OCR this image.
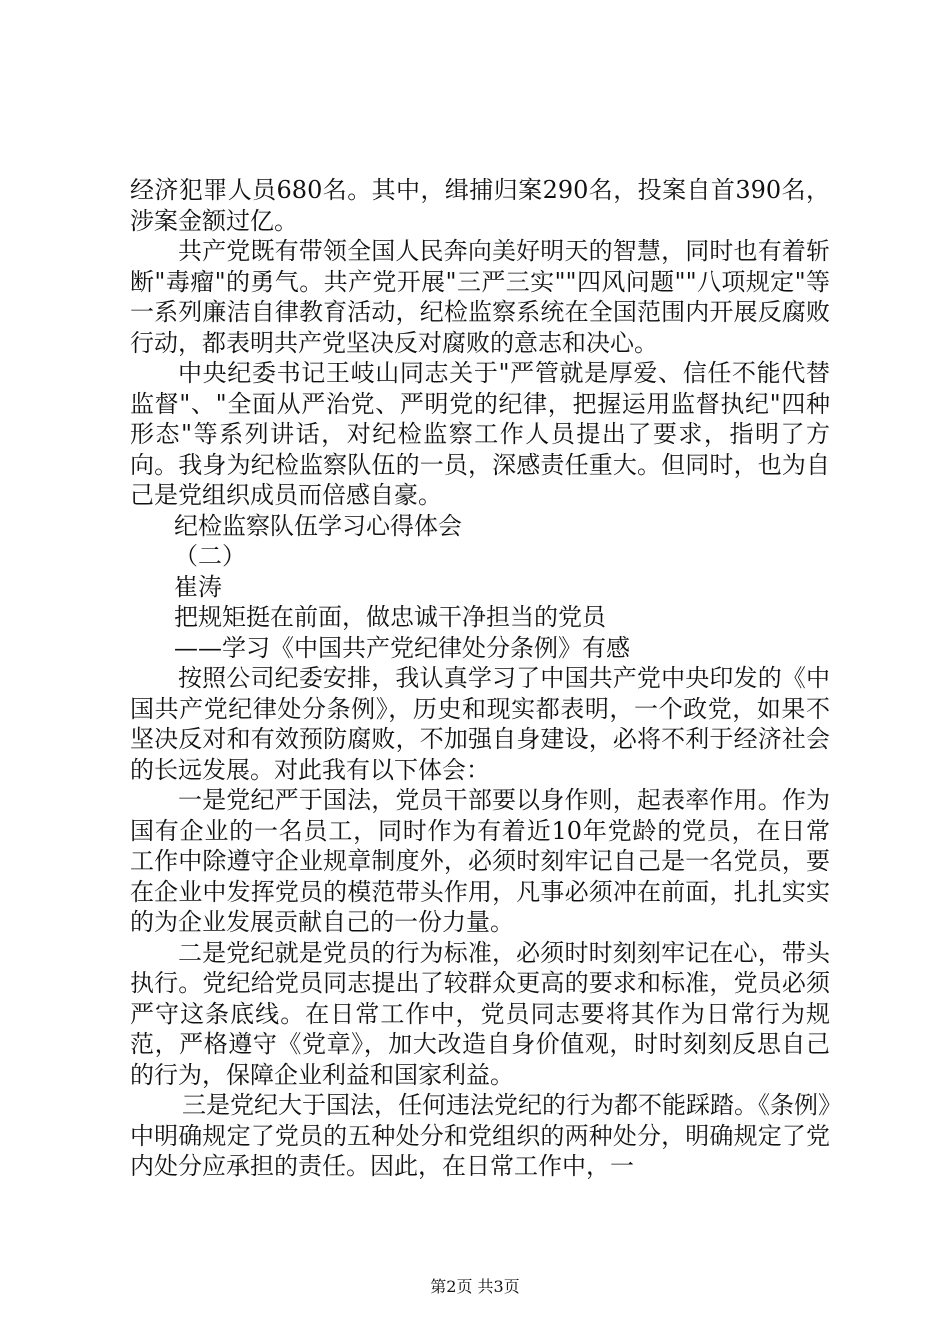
经济犯罪人员680名。其中，缉捕归案290名，投案自首390名，涉案金额过亿。

共产党既有带领全国人民奔向美好明天的智慧，同时也有着斩断"毒瘤"的勇气。共产党开展"三严三实""四风问题""八项规定"等一系列廉洁自律教育活动，纪检监察系统在全国范围内开展反腐败行动，都表明共产党坚决反对腐败的意志和决心。

中央纪委书记王岐山同志关于"严管就是厚爱、信任不能代替监督"、"全面从严治党、严明党的纪律，把握运用监督执纪"四种形态"等系列讲话，对纪检监察工作人员提出了要求，指明了方向。我身为纪检监察队伍的一员，深感责任重大。但同时，也为自己是党组织成员而倍感自豪。

纪检监察队伍学习心得体会

（二）

崔涛

把规矩挺在前面，做忠诚干净担当的党员

——学习《中国共产党纪律处分条例》有感

按照公司纪委安排，我认真学习了中国共产党中央印发的《中国共产党纪律处分条例》，历史和现实都表明，一个政党，如果不坚决反对和有效预防腐败，不加强自身建设，必将不利于经济社会的长远发展。对此我有以下体会：

一是党纪严于国法，党员干部要以身作则，起表率作用。作为国有企业的一名员工，同时作为有着近10年党龄的党员，在日常工作中除遵守企业规章制度外，必须时刻牢记自己是一名党员，要在企业中发挥党员的模范带头作用，凡事必须冲在前面，扎扎实实的为企业发展贡献自己的一份力量。

二是党纪就是党员的行为标准，必须时时刻刻牢记在心，带头执行。党纪给党员同志提出了较群众更高的要求和标准，党员必须严守这条底线。在日常工作中，党员同志要将其作为日常行为规范，严格遵守《党章》，加大改造自身价值观，时时刻刻反思自己的行为，保障企业利益和国家利益。

三是党纪大于国法，任何违法党纪的行为都不能踩踏。《条例》中明确规定了党员的五种处分和党组织的两种处分，明确规定了党内处分应承担的责任。因此，在日常工作中，一

第2页 共3页
